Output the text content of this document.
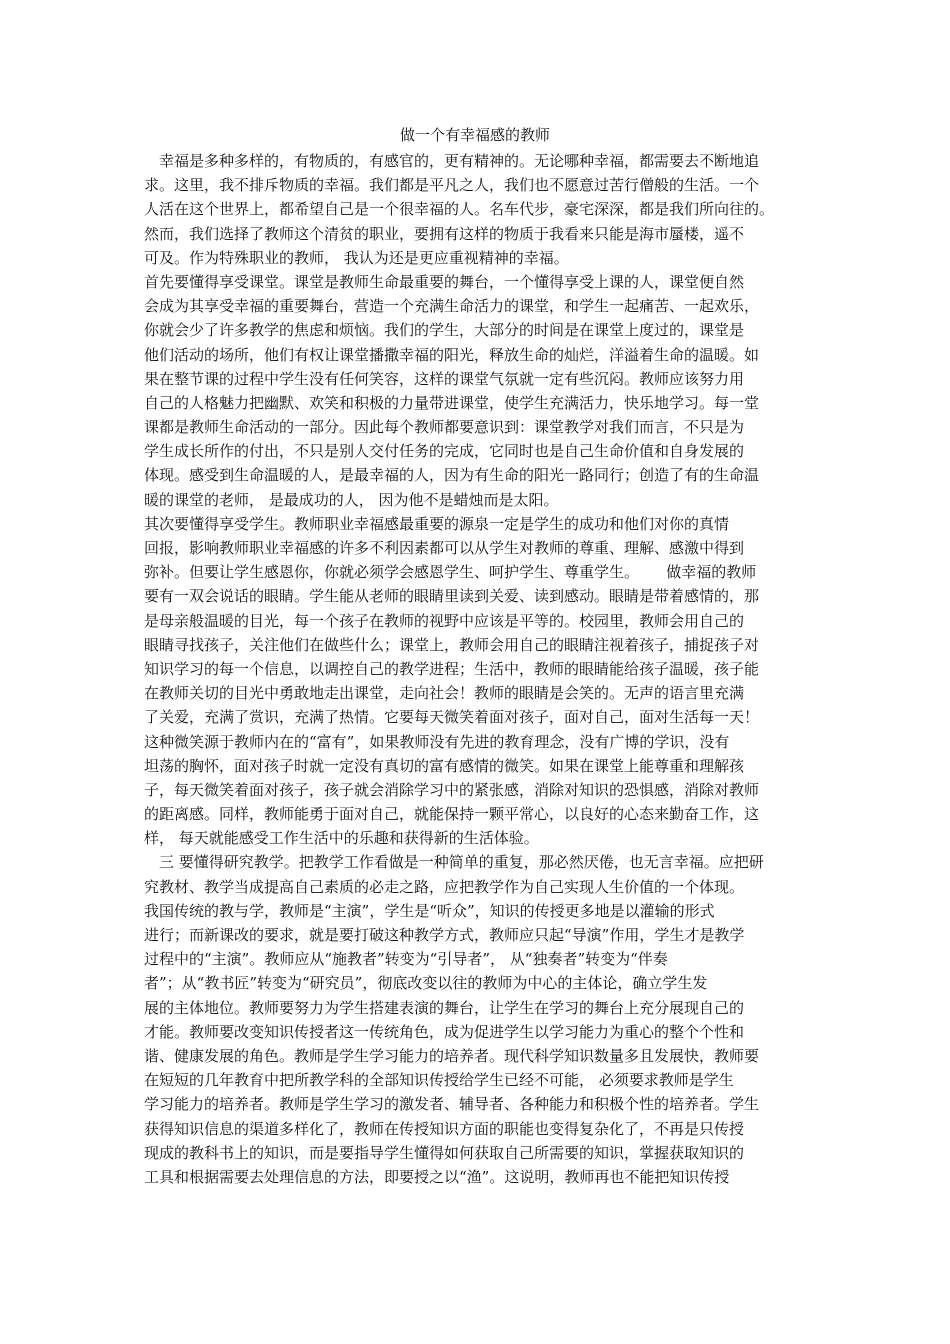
做一个有幸福感的教师
　幸福是多种多样的，有物质的，有感官的，更有精神的。无论哪种幸福，都需要去不断地追
求。这里，我不排斥物质的幸福。我们都是平凡之人，我们也不愿意过苦行僧般的生活。一个
人活在这个世界上，都希望自己是一个很幸福的人。名车代步，豪宅深深，都是我们所向往的。
然而，我们选择了教师这个清贫的职业，要拥有这样的物质于我看来只能是海市蜃楼，遥不
可及。作为特殊职业的教师， 我认为还是更应重视精神的幸福。
首先要懂得享受课堂。课堂是教师生命最重要的舞台，一个懂得享受上课的人，课堂便自然
会成为其享受幸福的重要舞台，营造一个充满生命活力的课堂，和学生一起痛苦、一起欢乐，
你就会少了许多教学的焦虑和烦恼。我们的学生，大部分的时间是在课堂上度过的，课堂是
他们活动的场所，他们有权让课堂播撒幸福的阳光，释放生命的灿烂，洋溢着生命的温暖。如
果在整节课的过程中学生没有任何笑容，这样的课堂气氛就一定有些沉闷。教师应该努力用
自己的人格魅力把幽默、欢笑和积极的力量带进课堂，使学生充满活力，快乐地学习。每一堂
课都是教师生命活动的一部分。因此每个教师都要意识到：课堂教学对我们而言，不只是为
学生成长所作的付出，不只是别人交付任务的完成，它同时也是自己生命价值和自身发展的
体现。感受到生命温暖的人，是最幸福的人，因为有生命的阳光一路同行；创造了有的生命温
暖的课堂的老师， 是最成功的人， 因为他不是蜡烛而是太阳。
其次要懂得享受学生。教师职业幸福感最重要的源泉一定是学生的成功和他们对你的真情
回报，影响教师职业幸福感的许多不利因素都可以从学生对教师的尊重、理解、感激中得到
弥补。但要让学生感恩你，你就必须学会感恩学生、呵护学生、尊重学生。　　 做幸福的教师
要有一双会说话的眼睛。学生能从老师的眼睛里读到关爱、读到感动。眼睛是带着感情的，那
是母亲般温暖的目光，每一个孩子在教师的视野中应该是平等的。校园里，教师会用自己的
眼睛寻找孩子，关注他们在做些什么；课堂上，教师会用自己的眼睛注视着孩子，捕捉孩子对
知识学习的每一个信息，以调控自己的教学进程；生活中，教师的眼睛能给孩子温暖，孩子能
在教师关切的目光中勇敢地走出课堂，走向社会！教师的眼睛是会笑的。无声的语言里充满
了关爱，充满了赏识，充满了热情。它要每天微笑着面对孩子，面对自己，面对生活每一天！
这种微笑源于教师内在的“富有”，如果教师没有先进的教育理念，没有广博的学识，没有
坦荡的胸怀，面对孩子时就一定没有真切的富有感情的微笑。如果在课堂上能尊重和理解孩
子，每天微笑着面对孩子，孩子就会消除学习中的紧张感，消除对知识的恐惧感，消除对教师
的距离感。同样，教师能勇于面对自己，就能保持一颗平常心，以良好的心态来勤奋工作，这
样， 每天就能感受工作生活中的乐趣和获得新的生活体验。
　三 要懂得研究教学。把教学工作看做是一种简单的重复，那必然厌倦，也无言幸福。应把研
究教材、教学当成提高自己素质的必走之路，应把教学作为自己实现人生价值的一个体现。
我国传统的教与学，教师是“主演”，学生是“听众”，知识的传授更多地是以灌输的形式
进行；而新课改的要求，就是要打破这种教学方式，教师应只起“导演”作用，学生才是教学
过程中的“主演”。教师应从“施教者”转变为“引导者”， 从“独奏者”转变为“伴奏
者”；从“教书匠”转变为“研究员”，彻底改变以往的教师为中心的主体论，确立学生发
展的主体地位。教师要努力为学生搭建表演的舞台，让学生在学习的舞台上充分展现自己的
才能。教师要改变知识传授者这一传统角色，成为促进学生以学习能力为重心的整个个性和
谐、健康发展的角色。教师是学生学习能力的培养者。现代科学知识数量多且发展快，教师要
在短短的几年教育中把所教学科的全部知识传授给学生已经不可能， 必须要求教师是学生
学习能力的培养者。教师是学生学习的激发者、辅导者、各种能力和积极个性的培养者。学生
获得知识信息的渠道多样化了，教师在传授知识方面的职能也变得复杂化了，不再是只传授
现成的教科书上的知识，而是要指导学生懂得如何获取自己所需要的知识，掌握获取知识的
工具和根据需要去处理信息的方法，即要授之以“渔”。这说明，教师再也不能把知识传授
